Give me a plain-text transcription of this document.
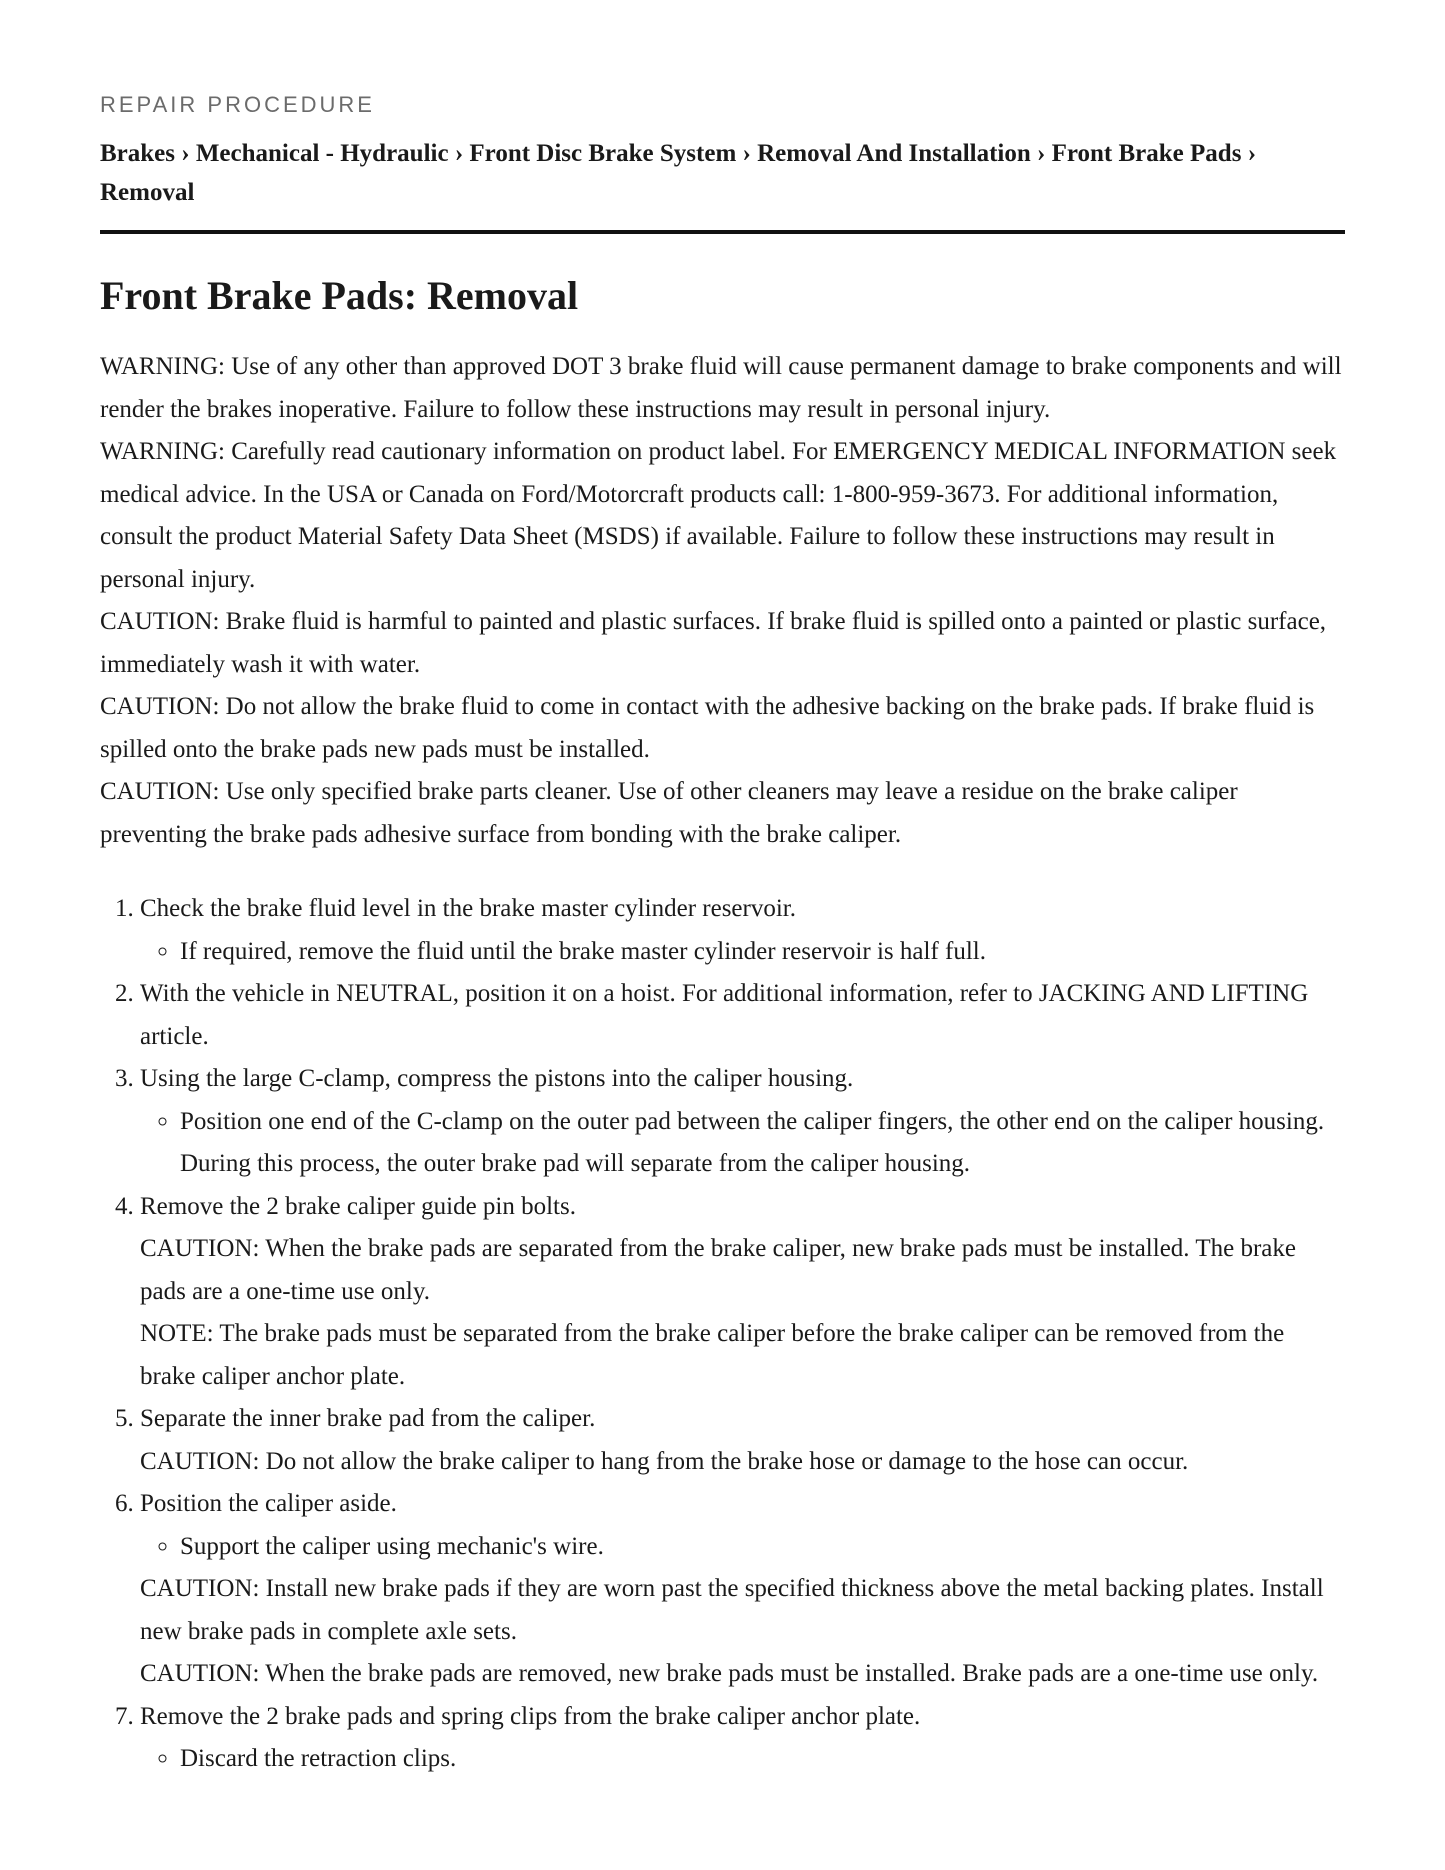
REPAIR PROCEDURE
Brakes › Mechanical - Hydraulic › Front Disc Brake System › Removal And Installation › Front Brake Pads › Removal
Front Brake Pads: Removal

WARNING: Use of any other than approved DOT 3 brake fluid will cause permanent damage to brake components and will render the brakes inoperative. Failure to follow these instructions may result in personal injury.

WARNING: Carefully read cautionary information on product label. For EMERGENCY MEDICAL INFORMATION seek medical advice. In the USA or Canada on Ford/Motorcraft products call: 1-800-959-3673. For additional information, consult the product Material Safety Data Sheet (MSDS) if available. Failure to follow these instructions may result in personal injury.

CAUTION: Brake fluid is harmful to painted and plastic surfaces. If brake fluid is spilled onto a painted or plastic surface, immediately wash it with water.

CAUTION: Do not allow the brake fluid to come in contact with the adhesive backing on the brake pads. If brake fluid is spilled onto the brake pads new pads must be installed.

CAUTION: Use only specified brake parts cleaner. Use of other cleaners may leave a residue on the brake caliper preventing the brake pads adhesive surface from bonding with the brake caliper.

1. Check the brake fluid level in the brake master cylinder reservoir.
◦ If required, remove the fluid until the brake master cylinder reservoir is half full.
2. With the vehicle in NEUTRAL, position it on a hoist. For additional information, refer to JACKING AND LIFTING article.
3. Using the large C-clamp, compress the pistons into the caliper housing.
◦ Position one end of the C-clamp on the outer pad between the caliper fingers, the other end on the caliper housing. During this process, the outer brake pad will separate from the caliper housing.
4. Remove the 2 brake caliper guide pin bolts.
CAUTION: When the brake pads are separated from the brake caliper, new brake pads must be installed. The brake pads are a one-time use only.
NOTE: The brake pads must be separated from the brake caliper before the brake caliper can be removed from the brake caliper anchor plate.
5. Separate the inner brake pad from the caliper.
CAUTION: Do not allow the brake caliper to hang from the brake hose or damage to the hose can occur.
6. Position the caliper aside.
◦ Support the caliper using mechanic's wire.
CAUTION: Install new brake pads if they are worn past the specified thickness above the metal backing plates. Install new brake pads in complete axle sets.
CAUTION: When the brake pads are removed, new brake pads must be installed. Brake pads are a one-time use only.
7. Remove the 2 brake pads and spring clips from the brake caliper anchor plate.
◦ Discard the retraction clips.
